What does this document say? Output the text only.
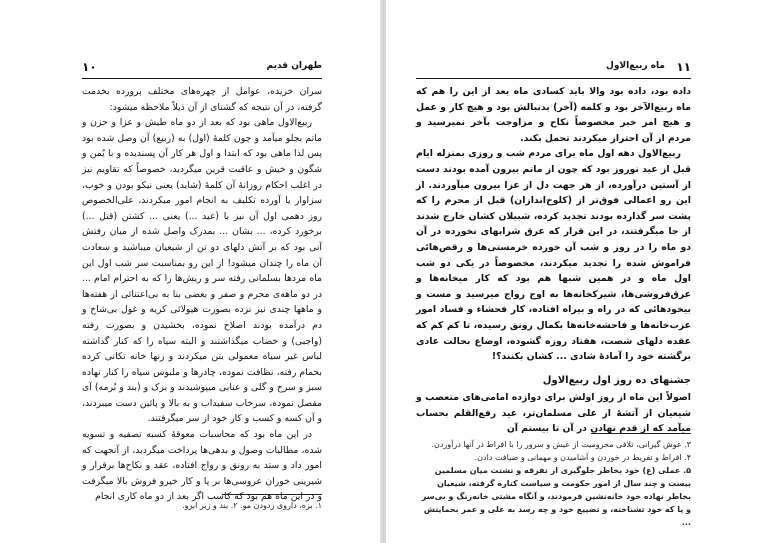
۱۰	طهران قدیم

سران خریده، عوامل از چهره‌های مختلف پرورده بخدمت گرفته، در آن نتیجه که گشتای از آن ذیلاً ملاحظه میشود:

ربیع‌الاول ماهی بود که بعد از دو ماه طیش و عزا و حزن و ماتم بجلو میآمد و چون کلمهٔ (اول) به (ربیع) آن وصل شده بود پس لذا ماهی بود که ابتدا و اول هر کار آن پسندیده و با یُمن و شگون و خیش و عاقبت قرین میگردید، خصوصاً که تقاویم نیز در اغلب احکام روزانهٔ آن کلمهٔ (شاید) یعنی نیکو بودن و خوب، سزاوار یا آورده تکلیف به انجام امور میکردند، علی‌الخصوص روز دهمی اول آن نیز با (عید ...) یعنی ... کشتن (قتل ...) برخورد کرده، ... بشان ... بمدرک واصل شده از میان رفتش آنی بود که بر آتش دلهای دو تن از شیعیان میباشید و سعادت آن ماه را چندان میشود! از این رو بمناسبت سر شب اول این ماه مردها بسلمانی رفته سر و ریش‌ها را که به احترام امام ... در دو ماهه‌ی محرم و صفر و بعضی بنا به بی‌اعتنائی از هفته‌ها و ماهها چندی نیز نزده بصورت هیولائی کریه و غول بی‌شاخ و دم درآمده بودند اصلاح نموده، بخشیدن و بصورت رفته (واجبی) و خضاب میگذاشتند و البته سیاه را که کنار گذاشته لباس غیر سیاه معمولی بتن میکردند و زنها خانه تکانی کرده بحمام رفته، نظافت نموده، چادرها و ملبوس سیاه را کنار نهاده سبز و سرخ و گلی و عنابی میپوشیدند و بزک و (بند و بُرمه) آی مفصل نموده، سرخاب سفیداب و به بالا و پائین دست میبردند، و آن کسه و کسب و کار خود از سر میگرفتند.

در این ماه بود که محاسبات معوقهٔ کسبه تصفیه و تسویه شده، مطالبات وصول و بدهی‌ها پرداخت میگردید، از آنجهت که امور داد و ستد به رونق و رواج افتاده، عقد و نکاح‌ها برقرار و شیرینی خوران عروسی‌ها بر پا و کار خیرو فروش بالا میگرفت و در این ماه هم بود که کاسب اگر بعد از دو ماه کاری انجام

۱. بزه، داروی زدودن مو. ۲. بند و زیر ابرو.
۱۱
ماه ربیع‌الاول

داده بود، داده بود والا باید کسادی ماه بعد از این را هم که ماه ربیع‌الآخر بود و کلمه (آخر) بدنبالش بود و هیچ کار و عمل و هیچ امر خیر مخصوصاً نکاح و مزاوجت بآخر نمیرسید و مردم از آن احتراز میکردند تحمل بکند.

ربیع‌الاول دهه اول ماه برای مردم شب و روزی بمنزله ایام قبل از عید نوروز بود که چون از ماتم بیرون آمده بودند دست از آستین درآورده، از هر جهت دل از عزا بیرون میآوردند. از این رو اعمالی فوق‌تر از (کلوخ‌اندازان) قبل از محرم را که پشت سر گذارده بودند تجدید کرده، شبیلان کشان خارج شدند از جا میگرفتند، در این قرار که عرق شرابهای نخورده در آن دو ماه را در روز و شب آن خورده خرمستی‌ها و رقص‌هائی فراموش شده را تجدید میکردند، مخصوصاً در یکی دو شب اول ماه و در همین شبها هم بود که کار میخانه‌ها و عرق‌فروشی‌ها، شیرکخانه‌ها به اوج رواج میرسید و مست و بیخودهائی که در راه و بیراه افتاده، کار فحشاء و فساد امور عزب‌خانه‌ها و فاحشه‌خانه‌ها بکمال رونق رسیده، تا کم کم که عقده دلهای شصت، هفتاد روزه گشوده، اوضاع بحالت عادی برگشته خود را آمادهٔ شادی ... کشان بکنند؟!

جشنهای ده روز اول ربیع‌الاول

اصولاً این ماه از روز اولش برای دوازده امامی‌های متعصب و شیعیان از آتشهٔ از علی مسلمان‌تر، عید رفع‌القلم بحساب میآمد که از قدم نهادن در آن تا بیستم آن

۳. عوش گیرانی، تلافی محرومیت از عیش و سرور را با افراط در آنها درآوردن.
۴. افراط و تفریط در خوردن و آشامیدن و مهمانی و ضیافت دادن.
۵. عملی (ع) خود بخاطر جلوگیری از تفرقه و تشتت میان مسلمین بیست و چند سال از امور حکومت و سیاست کناره گرفته، شیعیان بخاطر نهاده خود خانه‌نشین فرمودند، و آنگاه مشتی خانه‌زنگ و بی‌سر و پا که خود تشناخته، و تضییع خود و چه رسد به علی و عمر بحمایتش ...
